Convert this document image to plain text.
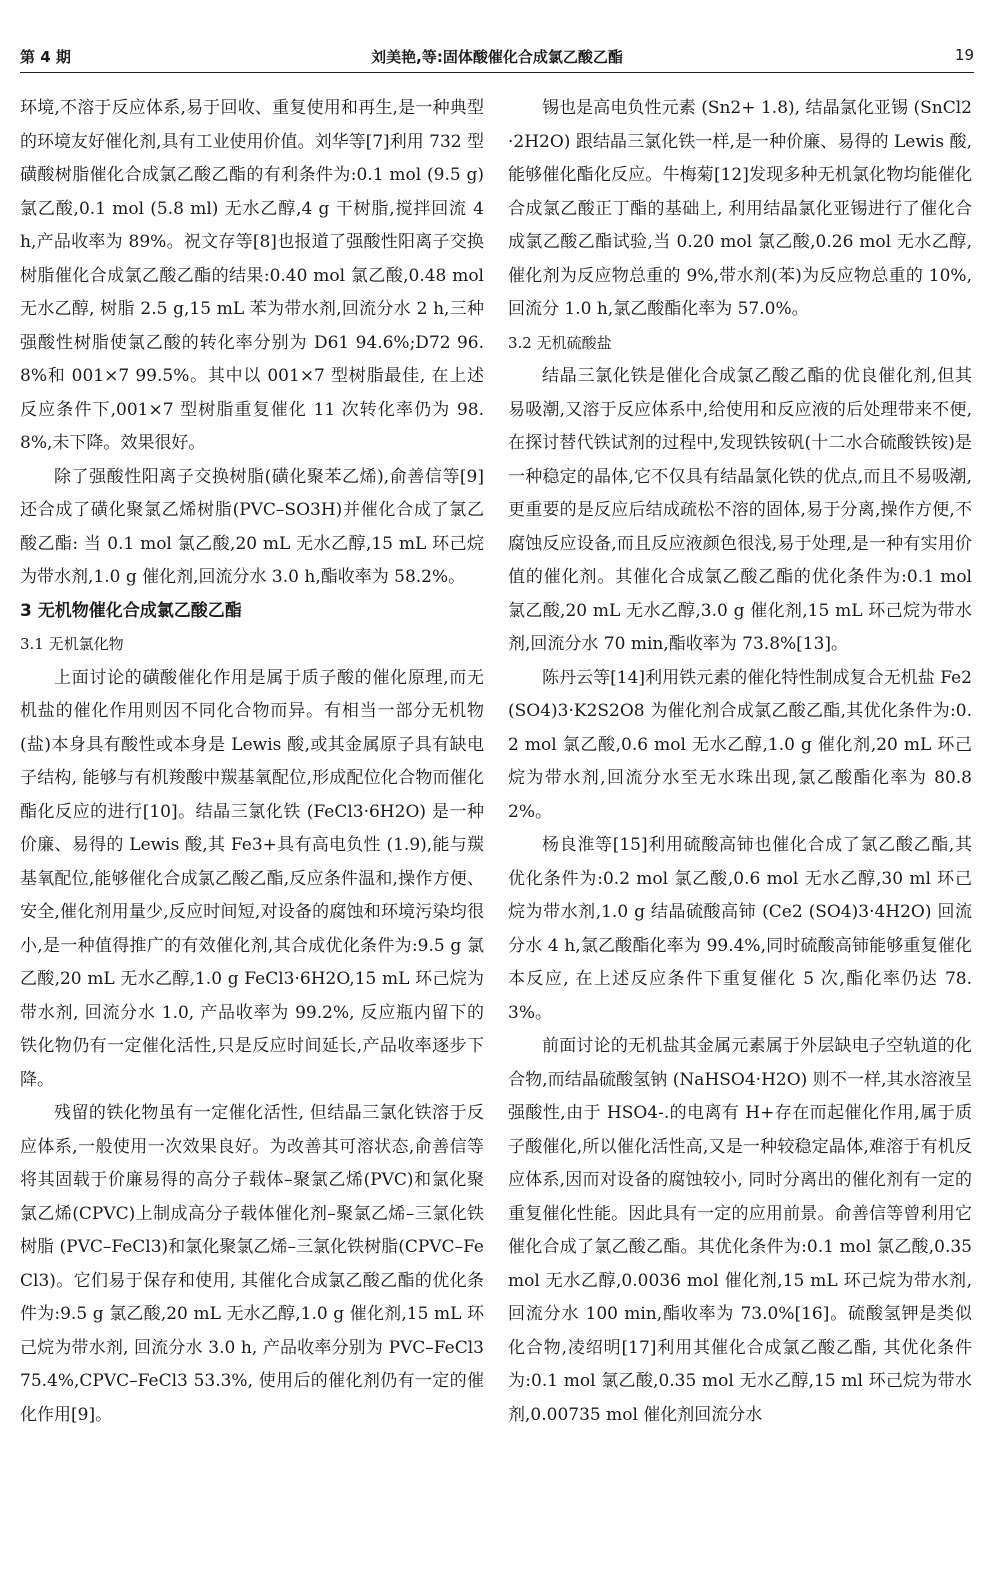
第 4 期	刘美艳,等:固体酸催化合成氯乙酸乙酯	19

环境,不溶于反应体系,易于回收、重复使用和再生,是一种典型的环境友好催化剂,具有工业使用价值。刘华等[7]利用 732 型磺酸树脂催化合成氯乙酸乙酯的有利条件为:0.1 mol (9.5 g) 氯乙酸,0.1 mol (5.8 ml) 无水乙醇,4 g 干树脂,搅拌回流 4 h,产品收率为 89%。祝文存等[8]也报道了强酸性阳离子交换树脂催化合成氯乙酸乙酯的结果:0.40 mol 氯乙酸,0.48 mol 无水乙醇, 树脂 2.5 g,15 mL 苯为带水剂,回流分水 2 h,三种强酸性树脂使氯乙酸的转化率分别为 D61 94.6%;D72 96.8%和 001×7 99.5%。其中以 001×7 型树脂最佳, 在上述反应条件下,001×7 型树脂重复催化 11 次转化率仍为 98.8%,未下降。效果很好。

除了强酸性阳离子交换树脂(磺化聚苯乙烯),俞善信等[9]还合成了磺化聚氯乙烯树脂(PVC–SO3H)并催化合成了氯乙酸乙酯: 当 0.1 mol 氯乙酸,20 mL 无水乙醇,15 mL 环己烷为带水剂,1.0 g 催化剂,回流分水 3.0 h,酯收率为 58.2%。

3 无机物催化合成氯乙酸乙酯
3.1 无机氯化物

上面讨论的磺酸催化作用是属于质子酸的催化原理,而无机盐的催化作用则因不同化合物而异。有相当一部分无机物(盐)本身具有酸性或本身是 Lewis 酸,或其金属原子具有缺电子结构, 能够与有机羧酸中羰基氧配位,形成配位化合物而催化酯化反应的进行[10]。结晶三氯化铁 (FeCl3·6H2O) 是一种价廉、易得的 Lewis 酸,其 Fe3+具有高电负性 (1.9),能与羰基氧配位,能够催化合成氯乙酸乙酯,反应条件温和,操作方便、安全,催化剂用量少,反应时间短,对设备的腐蚀和环境污染均很小,是一种值得推广的有效催化剂,其合成优化条件为:9.5 g 氯乙酸,20 mL 无水乙醇,1.0 g FeCl3·6H2O,15 mL 环己烷为带水剂, 回流分水 1.0, 产品收率为 99.2%, 反应瓶内留下的铁化物仍有一定催化活性,只是反应时间延长,产品收率逐步下降。

残留的铁化物虽有一定催化活性, 但结晶三氯化铁溶于反应体系,一般使用一次效果良好。为改善其可溶状态,俞善信等将其固载于价廉易得的高分子载体–聚氯乙烯(PVC)和氯化聚氯乙烯(CPVC)上制成高分子载体催化剂–聚氯乙烯–三氯化铁树脂 (PVC–FeCl3)和氯化聚氯乙烯–三氯化铁树脂(CPVC–FeCl3)。它们易于保存和使用, 其催化合成氯乙酸乙酯的优化条件为:9.5 g 氯乙酸,20 mL 无水乙醇,1.0 g 催化剂,15 mL 环己烷为带水剂, 回流分水 3.0 h, 产品收率分别为 PVC–FeCl3 75.4%,CPVC–FeCl3 53.3%, 使用后的催化剂仍有一定的催化作用[9]。

锡也是高电负性元素 (Sn2+ 1.8), 结晶氯化亚锡 (SnCl2·2H2O) 跟结晶三氯化铁一样,是一种价廉、易得的 Lewis 酸,能够催化酯化反应。牛梅菊[12]发现多种无机氯化物均能催化合成氯乙酸正丁酯的基础上, 利用结晶氯化亚锡进行了催化合成氯乙酸乙酯试验,当 0.20 mol 氯乙酸,0.26 mol 无水乙醇,催化剂为反应物总重的 9%,带水剂(苯)为反应物总重的 10%,回流分 1.0 h,氯乙酸酯化率为 57.0%。

3.2 无机硫酸盐

结晶三氯化铁是催化合成氯乙酸乙酯的优良催化剂,但其易吸潮,又溶于反应体系中,给使用和反应液的后处理带来不便,在探讨替代铁试剂的过程中,发现铁铵矾(十二水合硫酸铁铵)是一种稳定的晶体,它不仅具有结晶氯化铁的优点,而且不易吸潮,更重要的是反应后结成疏松不溶的固体,易于分离,操作方便,不腐蚀反应设备,而且反应液颜色很浅,易于处理,是一种有实用价值的催化剂。其催化合成氯乙酸乙酯的优化条件为:0.1 mol 氯乙酸,20 mL 无水乙醇,3.0 g 催化剂,15 mL 环己烷为带水剂,回流分水 70 min,酯收率为 73.8%[13]。

陈丹云等[14]利用铁元素的催化特性制成复合无机盐 Fe2(SO4)3·K2S2O8 为催化剂合成氯乙酸乙酯,其优化条件为:0.2 mol 氯乙酸,0.6 mol 无水乙醇,1.0 g 催化剂,20 mL 环己烷为带水剂,回流分水至无水珠出现,氯乙酸酯化率为 80.82%。

杨良淮等[15]利用硫酸高铈也催化合成了氯乙酸乙酯,其优化条件为:0.2 mol 氯乙酸,0.6 mol 无水乙醇,30 ml 环己烷为带水剂,1.0 g 结晶硫酸高铈 (Ce2 (SO4)3·4H2O) 回流分水 4 h,氯乙酸酯化率为 99.4%,同时硫酸高铈能够重复催化本反应, 在上述反应条件下重复催化 5 次,酯化率仍达 78.3%。

前面讨论的无机盐其金属元素属于外层缺电子空轨道的化合物,而结晶硫酸氢钠 (NaHSO4·H2O) 则不一样,其水溶液呈强酸性,由于 HSO4-.的电离有 H+存在而起催化作用,属于质子酸催化,所以催化活性高,又是一种较稳定晶体,难溶于有机反应体系,因而对设备的腐蚀较小, 同时分离出的催化剂有一定的重复催化性能。因此具有一定的应用前景。俞善信等曾利用它催化合成了氯乙酸乙酯。其优化条件为:0.1 mol 氯乙酸,0.35 mol 无水乙醇,0.0036 mol 催化剂,15 mL 环己烷为带水剂,回流分水 100 min,酯收率为 73.0%[16]。硫酸氢钾是类似化合物,凌绍明[17]利用其催化合成氯乙酸乙酯, 其优化条件为:0.1 mol 氯乙酸,0.35 mol 无水乙醇,15 ml 环己烷为带水剂,0.00735 mol 催化剂回流分水
